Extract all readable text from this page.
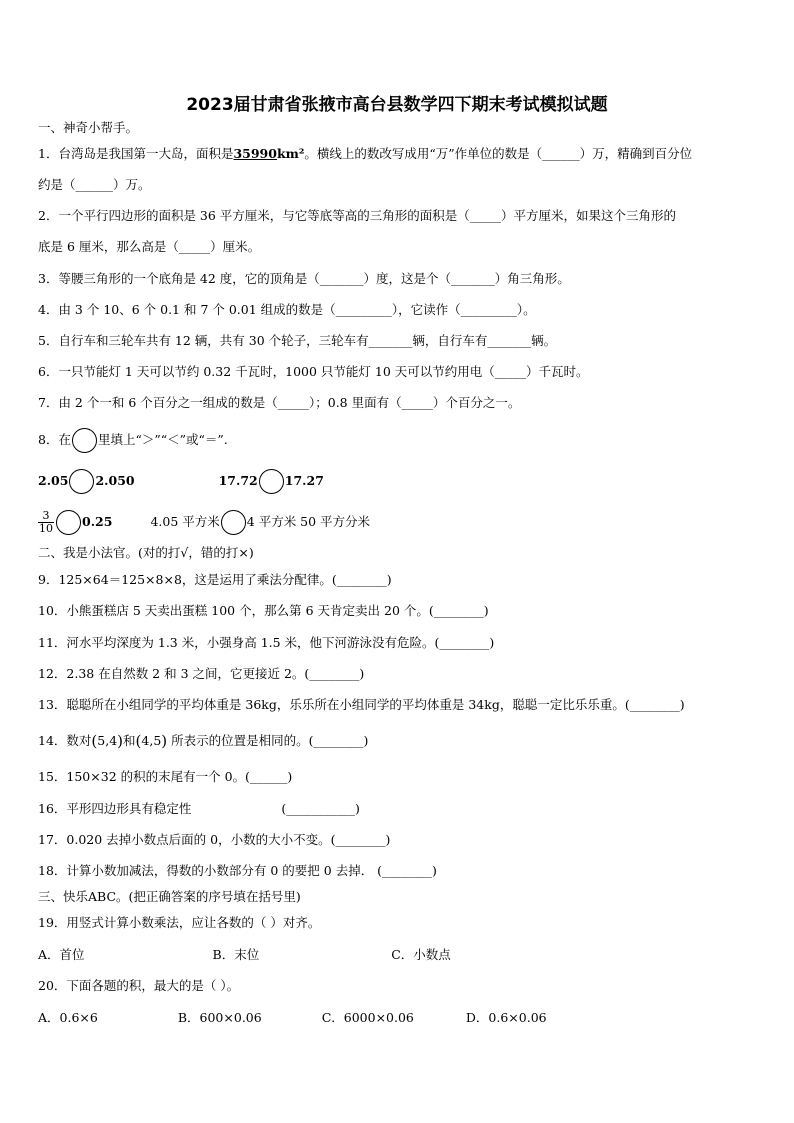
2023届甘肃省张掖市高台县数学四下期末考试模拟试题
一、神奇小帮手。
1．台湾岛是我国第一大岛，面积是35990km²。横线上的数改写成用“万”作单位的数是（______）万，精确到百分位
约是（______）万。
2．一个平行四边形的面积是 36 平方厘米，与它等底等高的三角形的面积是（_____）平方厘米，如果这个三角形的
底是 6 厘米，那么高是（_____）厘米。
3．等腰三角形的一个底角是 42 度，它的顶角是（_______）度，这是个（_______）角三角形。
4．由 3 个 10、6 个 0.1 和 7 个 0.01 组成的数是（_________），它读作（_________）。
5．自行车和三轮车共有 12 辆，共有 30 个轮子，三轮车有_______辆，自行车有_______辆。
6．一只节能灯 1 天可以节约 0.32 千瓦时，1000 只节能灯 10 天可以节约用电（_____）千瓦时。
7．由 2 个一和 6 个百分之一组成的数是（_____）；0.8 里面有（_____）个百分之一。
8．在 里填上“＞”“＜”或“＝”.
2.05 2.050	17.72 17.27
$\frac{3}{10} 0.25$	4.05 平方米 4 平方米 50 平方分米
二、我是小法官。(对的打√，错的打×)
9．125×64＝125×8×8，这是运用了乘法分配律。(________)
10．小熊蛋糕店 5 天卖出蛋糕 100 个，那么第 6 天肯定卖出 20 个。(________)
11．河水平均深度为 1.3 米，小强身高 1.5 米，他下河游泳没有危险。(________)
12．2.38 在自然数 2 和 3 之间，它更接近 2。(________)
13．聪聪所在小组同学的平均体重是 36kg，乐乐所在小组同学的平均体重是 34kg，聪聪一定比乐乐重。(________)
14．数对(5,4)和(4,5) 所表示的位置是相同的。(________)
15．150×32 的积的末尾有一个 0。(______)
16．平形四边形具有稳定性	(___________)
17．0.020 去掉小数点后面的 0，小数的大小不变。(________)
18．计算小数加减法，得数的小数部分有 0 的要把 0 去掉． (________)
三、快乐ABC。(把正确答案的序号填在括号里)
19．用竖式计算小数乘法，应让各数的（ ）对齐。
A．首位	B．末位	C．小数点
20．下面各题的积，最大的是（ ）。
A．0.6×6	B．600×0.06	C．6000×0.06	D．0.6×0.06
